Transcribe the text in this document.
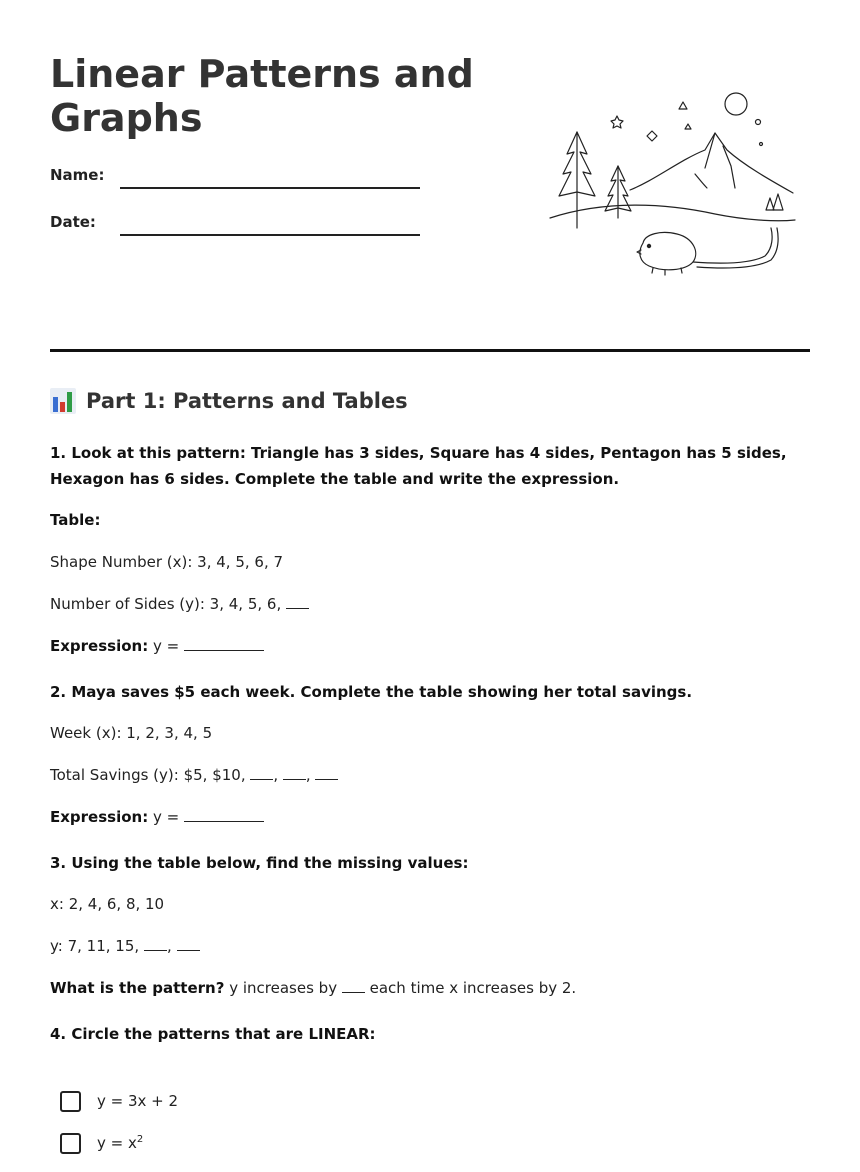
Linear Patterns and Graphs
Name:
Date:
Part 1: Patterns and Tables

1. Look at this pattern: Triangle has 3 sides, Square has 4 sides, Pentagon has 5 sides, Hexagon has 6 sides. Complete the table and write the expression.

Table:

Shape Number (x): 3, 4, 5, 6, 7

Number of Sides (y): 3, 4, 5, 6,

Expression: y =

2. Maya saves $5 each week. Complete the table showing her total savings.

Week (x): 1, 2, 3, 4, 5

Total Savings (y): $5, $10, , ,

Expression: y =

3. Using the table below, find the missing values:

x: 2, 4, 6, 8, 10

y: 7, 11, 15, ,

What is the pattern? y increases by each time x increases by 2.

4. Circle the patterns that are LINEAR:

y = 3x + 2
$y = x^2$
